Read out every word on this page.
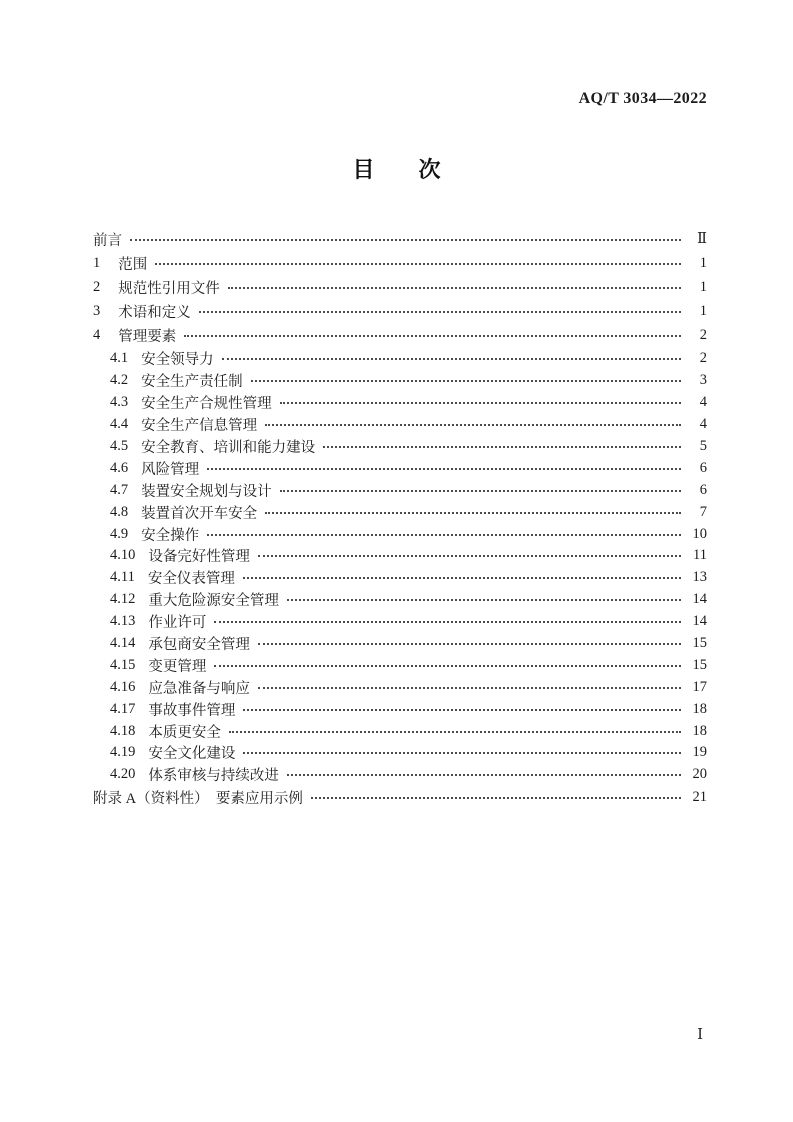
AQ/T 3034—2022
目　　次
前言	Ⅱ
1 范围	1
2 规范性引用文件	1
3 术语和定义	1
4 管理要素	2
4.1 安全领导力	2
4.2 安全生产责任制	3
4.3 安全生产合规性管理	4
4.4 安全生产信息管理	4
4.5 安全教育、培训和能力建设	5
4.6 风险管理	6
4.7 装置安全规划与设计	6
4.8 装置首次开车安全	7
4.9 安全操作	10
4.10 设备完好性管理	11
4.11 安全仪表管理	13
4.12 重大危险源安全管理	14
4.13 作业许可	14
4.14 承包商安全管理	15
4.15 变更管理	15
4.16 应急准备与响应	17
4.17 事故事件管理	18
4.18 本质更安全	18
4.19 安全文化建设	19
4.20 体系审核与持续改进	20
附录 A（资料性）　要素应用示例	21
Ⅰ
